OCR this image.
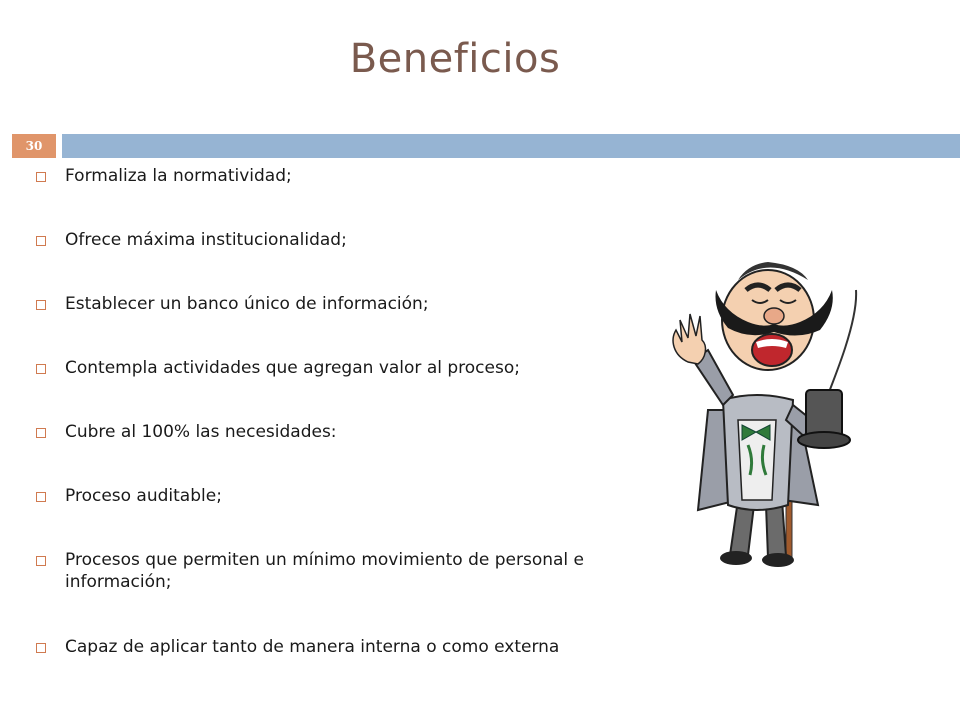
Beneficios
30
Formaliza la normatividad;
Ofrece máxima institucionalidad;
Establecer un banco único de información;
Contempla actividades que agregan valor al proceso;
Cubre al 100% las necesidades:
Proceso auditable;
Procesos que permiten un mínimo movimiento de personal e información;
Capaz de aplicar tanto de manera interna o como externa
